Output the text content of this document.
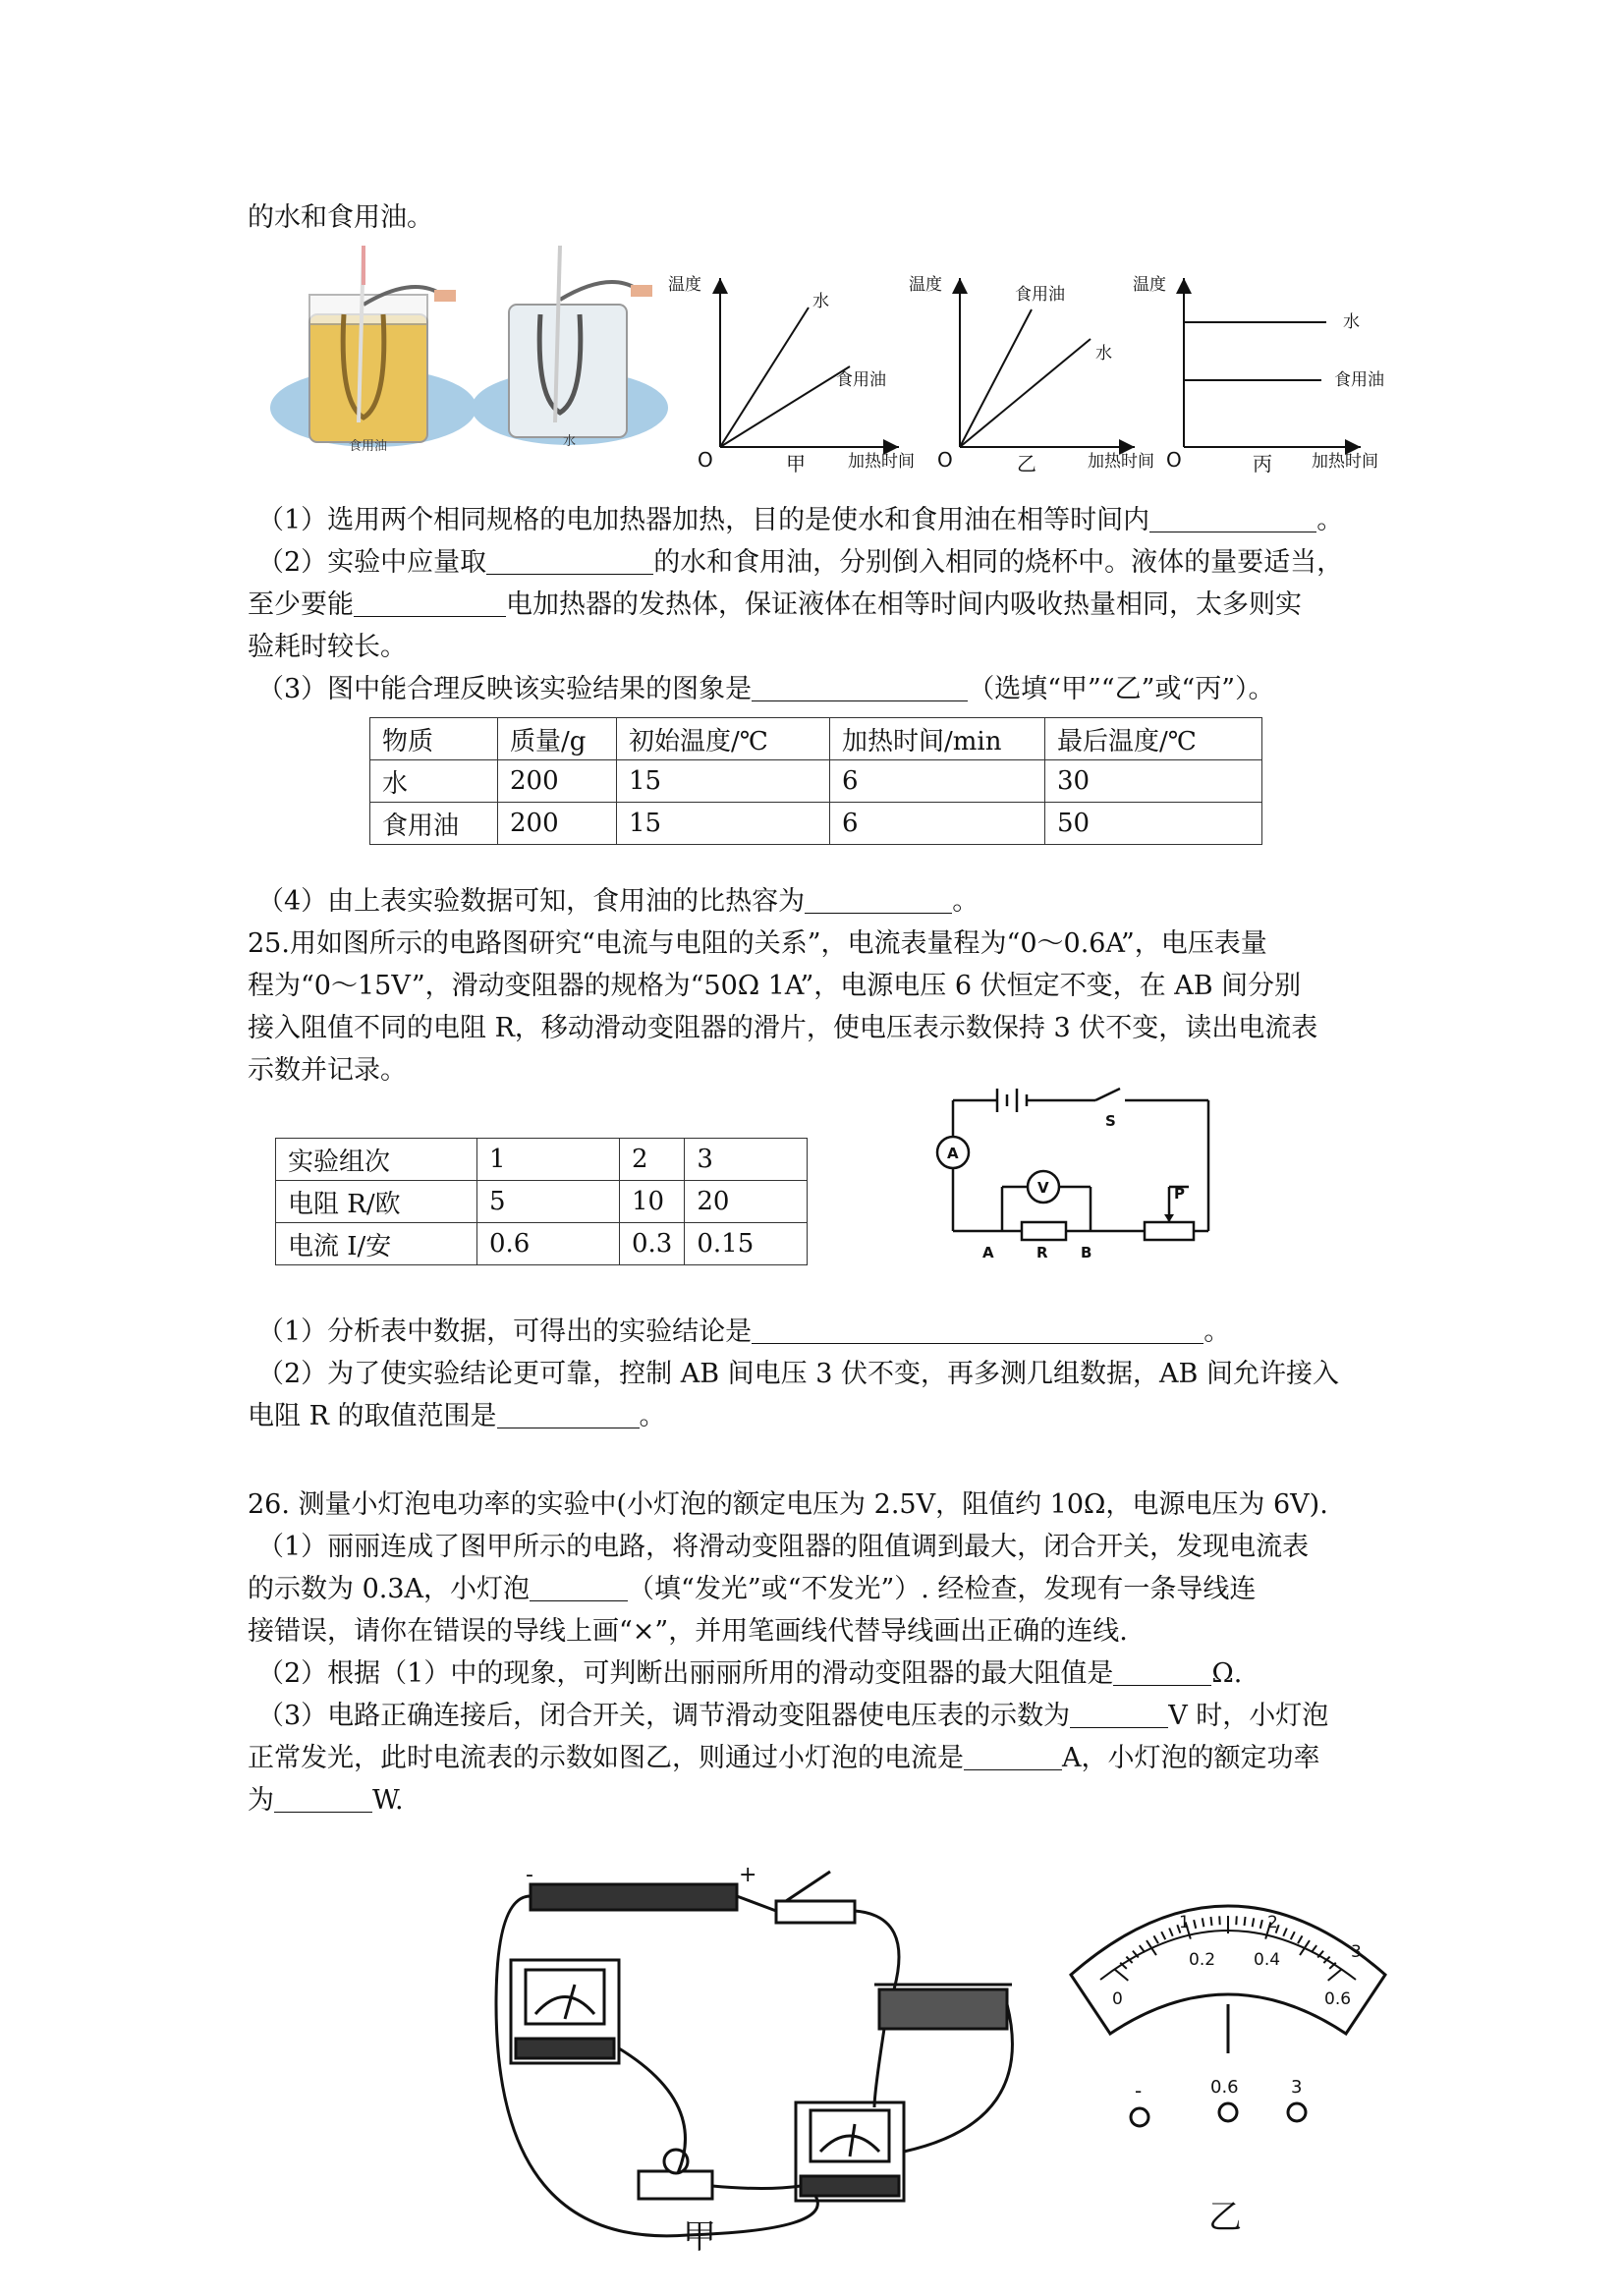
的水和食用油。
食用油	水
温度
水
食用油
O	甲	加热时间
温度	食用油
水
O	乙	加热时间
温度
水
食用油
O	丙 加热时间
（1）选用两个相同规格的电加热器加热，目的是使水和食用油在相等时间内	。
（2）实验中应量取	的水和食用油，分别倒入相同的烧杯中。液体的量要适当，
至少要能	电加热器的发热体，保证液体在相等时间内吸收热量相同，太多则实
验耗时较长。
（3）图中能合理反映该实验结果的图象是	（选填“甲”“乙”或“丙”）。
物质	质量/g	初始温度/℃	加热时间/min	最后温度/℃
水	200	15	6	30
食用油	200	15	6	50
（4）由上表实验数据可知，食用油的比热容为	。
25.用如图所示的电路图研究“电流与电阻的关系”，电流表量程为“0～0.6A”，电压表量
程为“0～15V”，滑动变阻器的规格为“50Ω 1A”，电源电压 6 伏恒定不变，在 AB 间分别
接入阻值不同的电阻 R，移动滑动变阻器的滑片，使电压表示数保持 3 伏不变，读出电流表
示数并记录。
实验组次	1	2	3
电阻 R/欧	5	10	20
电流 I/安	0.6	0.3	0.15
A
V
S
P
A	R B
（1）分析表中数据，可得出的实验结论是	。
（2）为了使实验结论更可靠，控制 AB 间电压 3 伏不变，再多测几组数据，AB 间允许接入
电阻 R 的取值范围是	。
26. 测量小灯泡电功率的实验中(小灯泡的额定电压为 2.5V，阻值约 10Ω，电源电压为 6V).
（1）丽丽连成了图甲所示的电路，将滑动变阻器的阻值调到最大，闭合开关，发现电流表
的示数为 0.3A，小灯泡	（填“发光”或“不发光”）. 经检查，发现有一条导线连
接错误，请你在错误的导线上画“×”，并用笔画线代替导线画出正确的连线.
（2）根据（1）中的现象，可判断出丽丽所用的滑动变阻器的最大阻值是	Ω.
（3）电路正确连接后，闭合开关，调节滑动变阻器使电压表的示数为	V 时，小灯泡
正常发光，此时电流表的示数如图乙，则通过小灯泡的电流是	A，小灯泡的额定功率
为	W.
-	+
甲
0
0.2 0.4
0.6
1	2
3
-	0.6	3
乙
